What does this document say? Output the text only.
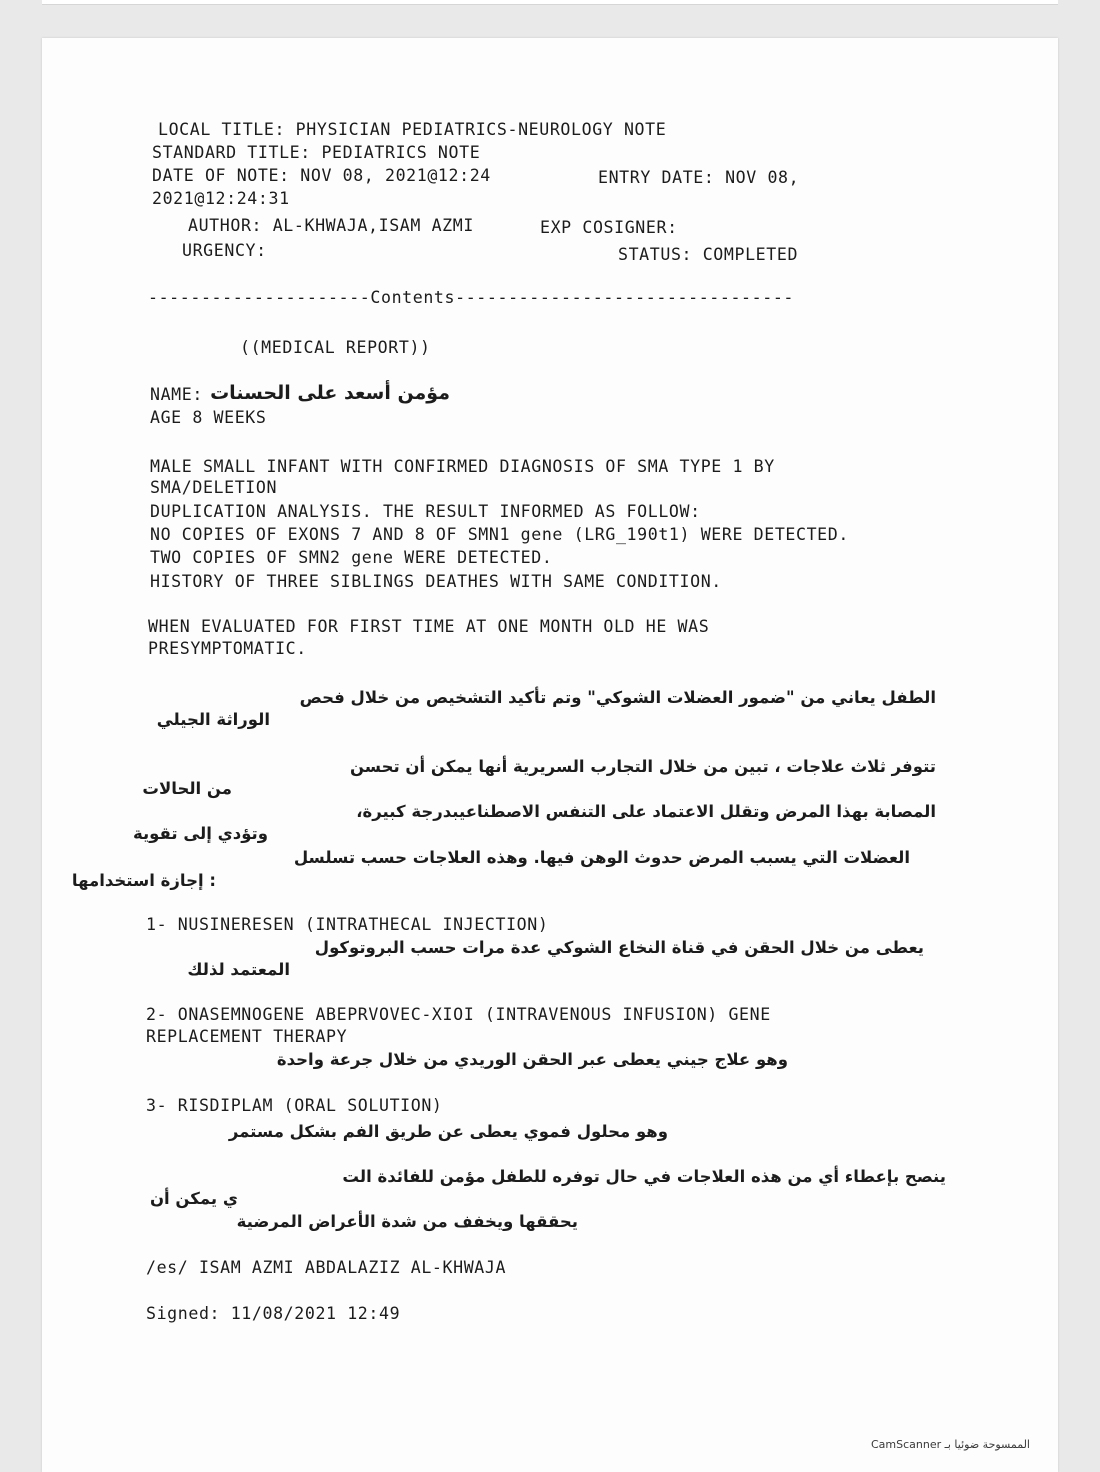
LOCAL TITLE: PHYSICIAN PEDIATRICS-NEUROLOGY NOTE
STANDARD TITLE: PEDIATRICS NOTE
DATE OF NOTE: NOV 08, 2021@12:24	ENTRY DATE: NOV 08,
2021@12:24:31
AUTHOR: AL-KHWAJA,ISAM AZMI	EXP COSIGNER:
URGENCY:	STATUS: COMPLETED
---------------------Contents--------------------------------
((MEDICAL REPORT))
NAME: مؤمن أسعد على الحسنات
AGE 8 WEEKS
MALE SMALL INFANT WITH CONFIRMED DIAGNOSIS OF SMA TYPE 1 BY
SMA/DELETION
DUPLICATION ANALYSIS. THE RESULT INFORMED AS FOLLOW:
NO COPIES OF EXONS 7 AND 8 OF SMN1 gene (LRG_190t1) WERE DETECTED.
TWO COPIES OF SMN2 gene WERE DETECTED.
HISTORY OF THREE SIBLINGS DEATHES WITH SAME CONDITION.
WHEN EVALUATED FOR FIRST TIME AT ONE MONTH OLD HE WAS
PRESYMPTOMATIC.
الطفل يعاني من "ضمور العضلات الشوكي" وتم تأكيد التشخيص من خلال فحص
الوراثة الجيلي
تتوفر ثلاث علاجات ، تبين من خلال التجارب السريرية أنها يمكن أن تحسن
من الحالات
المصابة بهذا المرض وتقلل الاعتماد على التنفس الاصطناعيبدرجة كبيرة،
وتؤدي إلى تقوية
العضلات التي يسبب المرض حدوث الوهن فيها. وهذه العلاجات حسب تسلسل
: إجازة استخدامها
1- NUSINERESEN (INTRATHECAL INJECTION)
يعطى من خلال الحقن في قناة النخاع الشوكي عدة مرات حسب البروتوكول
المعتمد لذلك
2- ONASEMNOGENE ABEPRVOVEC-XIOI (INTRAVENOUS INFUSION) GENE
REPLACEMENT THERAPY
وهو علاج جيني يعطى عبر الحقن الوريدي من خلال جرعة واحدة
3- RISDIPLAM (ORAL SOLUTION)
وهو محلول فموي يعطى عن طريق الفم بشكل مستمر
ينصح بإعطاء أي من هذه العلاجات في حال توفره للطفل مؤمن للفائدة الت
ي يمكن أن
يحققها ويخفف من شدة الأعراض المرضية
/es/ ISAM AZMI ABDALAZIZ AL-KHWAJA
Signed: 11/08/2021 12:49
CamScanner الممسوحة ضوئيا بـ
